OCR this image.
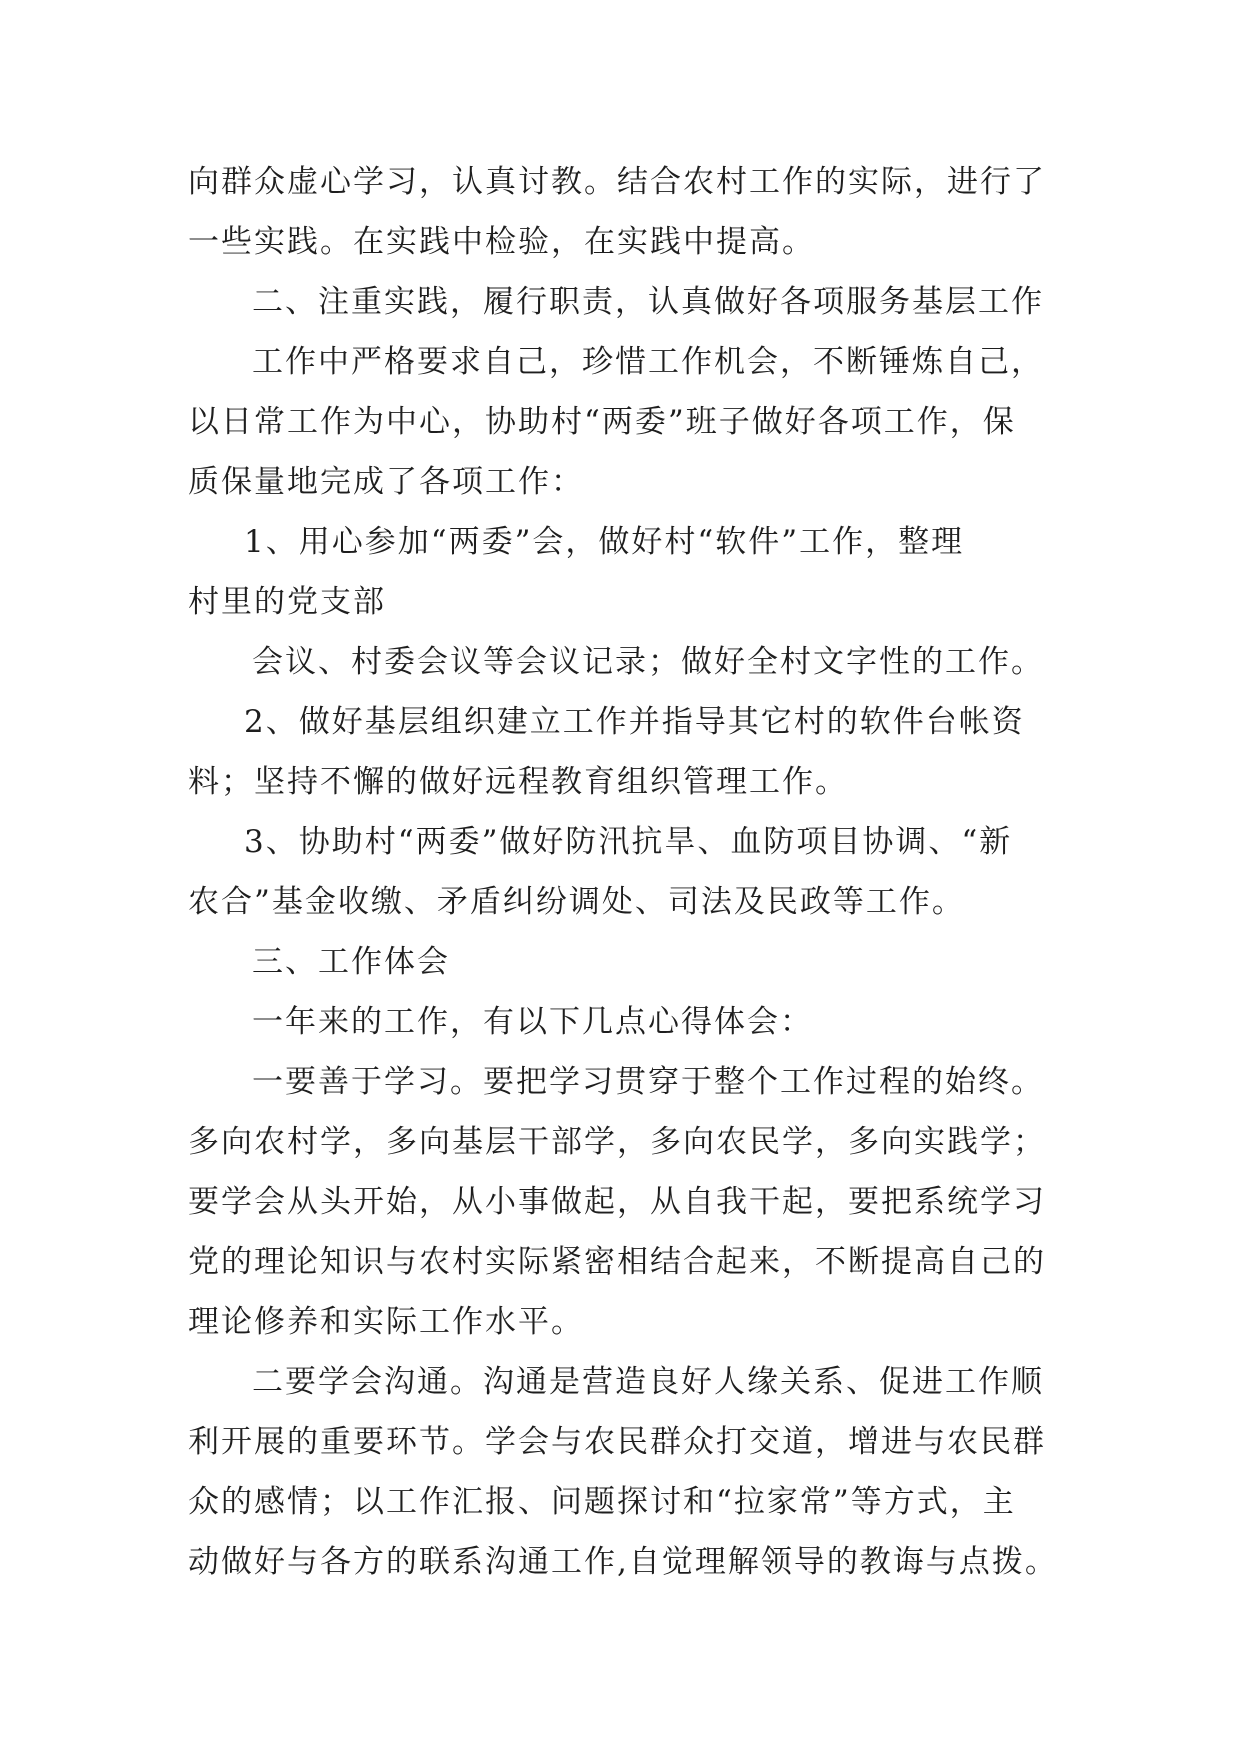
向群众虚心学习，认真讨教。结合农村工作的实际，进行了
一些实践。在实践中检验，在实践中提高。
二、注重实践，履行职责，认真做好各项服务基层工作
工作中严格要求自己，珍惜工作机会，不断锤炼自己，
以日常工作为中心，协助村“两委”班子做好各项工作，保
质保量地完成了各项工作：
1、用心参加“两委”会，做好村“软件”工作，整理
村里的党支部
会议、村委会议等会议记录；做好全村文字性的工作。
2、做好基层组织建立工作并指导其它村的软件台帐资
料；坚持不懈的做好远程教育组织管理工作。
3、协助村“两委”做好防汛抗旱、血防项目协调、“新
农合”基金收缴、矛盾纠纷调处、司法及民政等工作。
三、工作体会
一年来的工作，有以下几点心得体会：
一要善于学习。要把学习贯穿于整个工作过程的始终。
多向农村学，多向基层干部学，多向农民学，多向实践学；
要学会从头开始，从小事做起，从自我干起，要把系统学习
党的理论知识与农村实际紧密相结合起来，不断提高自己的
理论修养和实际工作水平。
二要学会沟通。沟通是营造良好人缘关系、促进工作顺
利开展的重要环节。学会与农民群众打交道，增进与农民群
众的感情；以工作汇报、问题探讨和“拉家常”等方式，主
动做好与各方的联系沟通工作,自觉理解领导的教诲与点拨。
